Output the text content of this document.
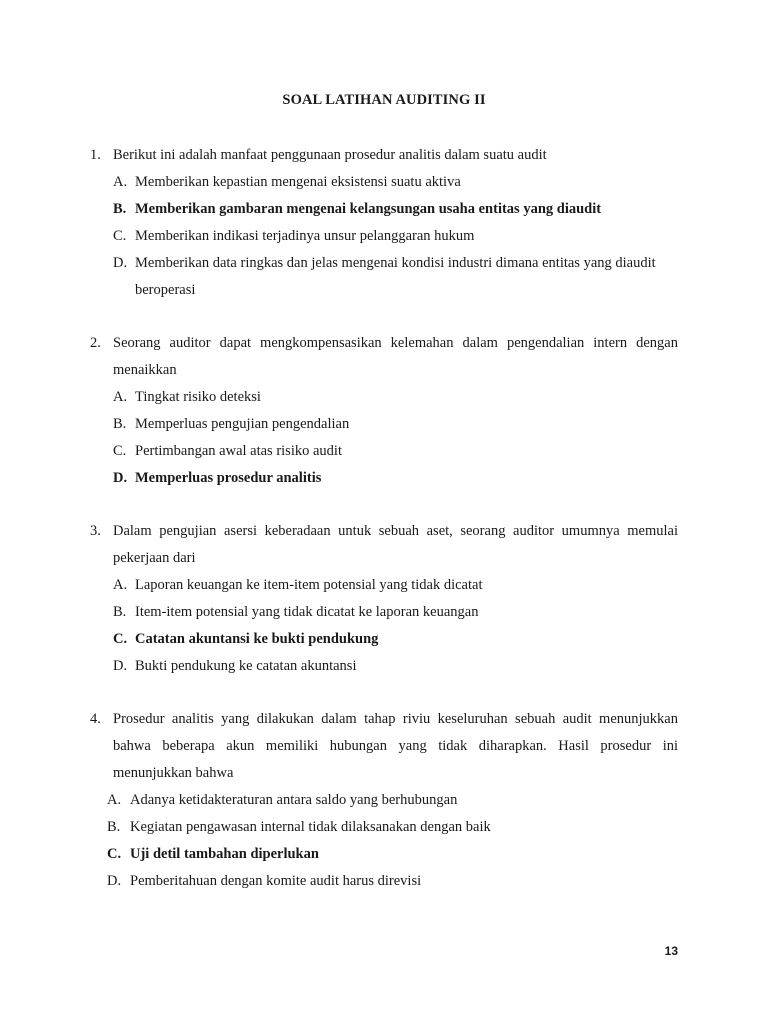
SOAL LATIHAN AUDITING II
1. Berikut ini adalah manfaat penggunaan prosedur analitis dalam suatu audit
A. Memberikan kepastian mengenai eksistensi suatu aktiva
B. Memberikan gambaran mengenai kelangsungan usaha entitas yang diaudit
C. Memberikan indikasi terjadinya unsur pelanggaran hukum
D. Memberikan data ringkas dan jelas mengenai kondisi industri dimana entitas yang diaudit beroperasi
2. Seorang auditor dapat mengkompensasikan kelemahan dalam pengendalian intern dengan menaikkan
A. Tingkat risiko deteksi
B. Memperluas pengujian pengendalian
C. Pertimbangan awal atas risiko audit
D. Memperluas prosedur analitis
3. Dalam pengujian asersi keberadaan untuk sebuah aset, seorang auditor umumnya memulai pekerjaan dari
A. Laporan keuangan ke item-item potensial yang tidak dicatat
B. Item-item potensial yang tidak dicatat ke laporan keuangan
C. Catatan akuntansi ke bukti pendukung
D. Bukti pendukung ke catatan akuntansi
4. Prosedur analitis yang dilakukan dalam tahap riviu keseluruhan sebuah audit menunjukkan bahwa beberapa akun memiliki hubungan yang tidak diharapkan. Hasil prosedur ini menunjukkan bahwa
A. Adanya ketidakteraturan antara saldo yang berhubungan
B. Kegiatan pengawasan internal tidak dilaksanakan dengan baik
C. Uji detil tambahan diperlukan
D. Pemberitahuan dengan komite audit harus direvisi
13
